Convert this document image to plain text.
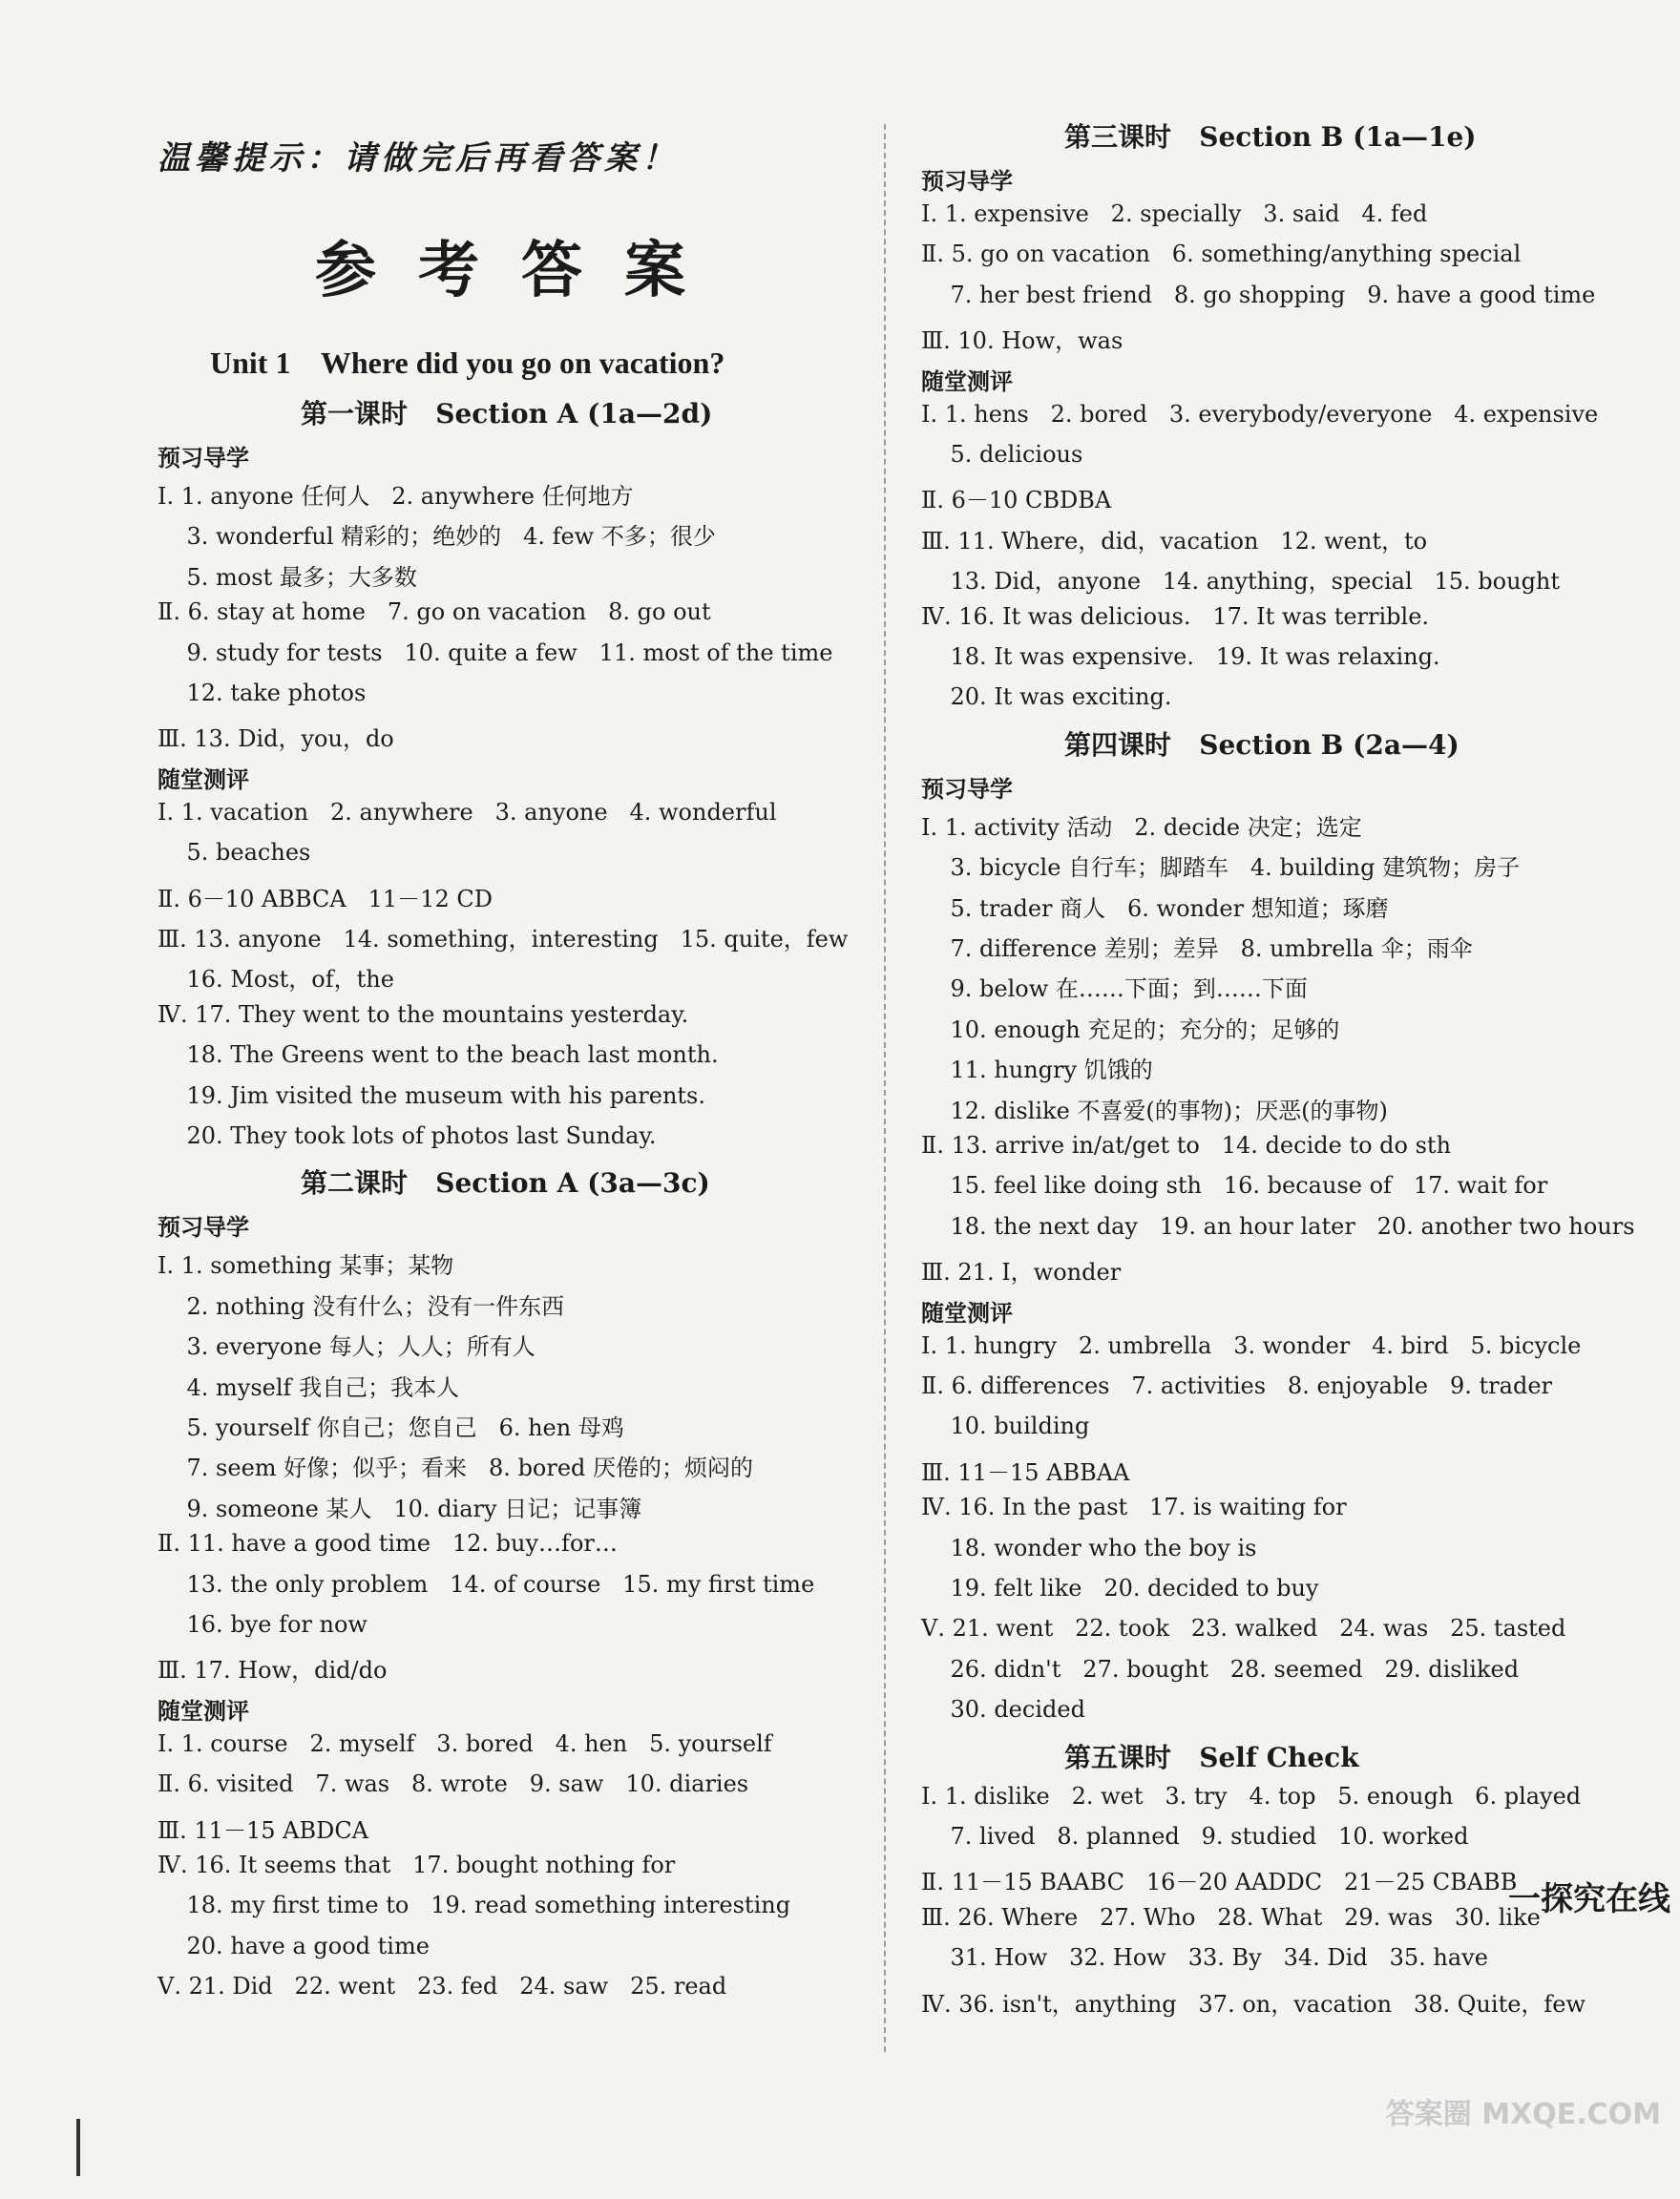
温馨提示：请做完后再看答案！
参考答案
Unit 1    Where did you go on vacation?
第一课时   Section A (1a—2d)
预习导学
Ⅰ. 1. anyone 任何人   2. anywhere 任何地方
3. wonderful 精彩的；绝妙的   4. few 不多；很少
5. most 最多；大多数
Ⅱ. 6. stay at home   7. go on vacation   8. go out
9. study for tests   10. quite a few   11. most of the time
12. take photos
Ⅲ. 13. Did，you，do
随堂测评
Ⅰ. 1. vacation   2. anywhere   3. anyone   4. wonderful
5. beaches
Ⅱ. 6－10 ABBCA   11－12 CD
Ⅲ. 13. anyone   14. something，interesting   15. quite，few
16. Most，of，the
Ⅳ. 17. They went to the mountains yesterday.
18. The Greens went to the beach last month.
19. Jim visited the museum with his parents.
20. They took lots of photos last Sunday.
第二课时   Section A (3a—3c)
预习导学
Ⅰ. 1. something 某事；某物
2. nothing 没有什么；没有一件东西
3. everyone 每人；人人；所有人
4. myself 我自己；我本人
5. yourself 你自己；您自己   6. hen 母鸡
7. seem 好像；似乎；看来   8. bored 厌倦的；烦闷的
9. someone 某人   10. diary 日记；记事簿
Ⅱ. 11. have a good time   12. buy…for…
13. the only problem   14. of course   15. my first time
16. bye for now
Ⅲ. 17. How，did/do
随堂测评
Ⅰ. 1. course   2. myself   3. bored   4. hen   5. yourself
Ⅱ. 6. visited   7. was   8. wrote   9. saw   10. diaries
Ⅲ. 11－15 ABDCA
Ⅳ. 16. It seems that   17. bought nothing for
18. my first time to   19. read something interesting
20. have a good time
Ⅴ. 21. Did   22. went   23. fed   24. saw   25. read
第三课时   Section B (1a—1e)
预习导学
Ⅰ. 1. expensive   2. specially   3. said   4. fed
Ⅱ. 5. go on vacation   6. something/anything special
7. her best friend   8. go shopping   9. have a good time
Ⅲ. 10. How，was
随堂测评
Ⅰ. 1. hens   2. bored   3. everybody/everyone   4. expensive
5. delicious
Ⅱ. 6－10 CBDBA
Ⅲ. 11. Where，did，vacation   12. went，to
13. Did，anyone   14. anything，special   15. bought
Ⅳ. 16. It was delicious.   17. It was terrible.
18. It was expensive.   19. It was relaxing.
20. It was exciting.
第四课时   Section B (2a—4)
预习导学
Ⅰ. 1. activity 活动   2. decide 决定；选定
3. bicycle 自行车；脚踏车   4. building 建筑物；房子
5. trader 商人   6. wonder 想知道；琢磨
7. difference 差别；差异   8. umbrella 伞；雨伞
9. below 在……下面；到……下面
10. enough 充足的；充分的；足够的
11. hungry 饥饿的
12. dislike 不喜爱(的事物)；厌恶(的事物)
Ⅱ. 13. arrive in/at/get to   14. decide to do sth
15. feel like doing sth   16. because of   17. wait for
18. the next day   19. an hour later   20. another two hours
Ⅲ. 21. I，wonder
随堂测评
Ⅰ. 1. hungry   2. umbrella   3. wonder   4. bird   5. bicycle
Ⅱ. 6. differences   7. activities   8. enjoyable   9. trader
10. building
Ⅲ. 11－15 ABBAA
Ⅳ. 16. In the past   17. is waiting for
18. wonder who the boy is
19. felt like   20. decided to buy
Ⅴ. 21. went   22. took   23. walked   24. was   25. tasted
26. didn't   27. bought   28. seemed   29. disliked
30. decided
第五课时   Self Check
Ⅰ. 1. dislike   2. wet   3. try   4. top   5. enough   6. played
7. lived   8. planned   9. studied   10. worked
Ⅱ. 11－15 BAABC   16－20 AADDC   21－25 CBABB
Ⅲ. 26. Where   27. Who   28. What   29. was   30. like
31. How   32. How   33. By   34. Did   35. have
Ⅳ. 36. isn't，anything   37. on，vacation   38. Quite，few
一探究在线
答案圈 MXQE.COM
